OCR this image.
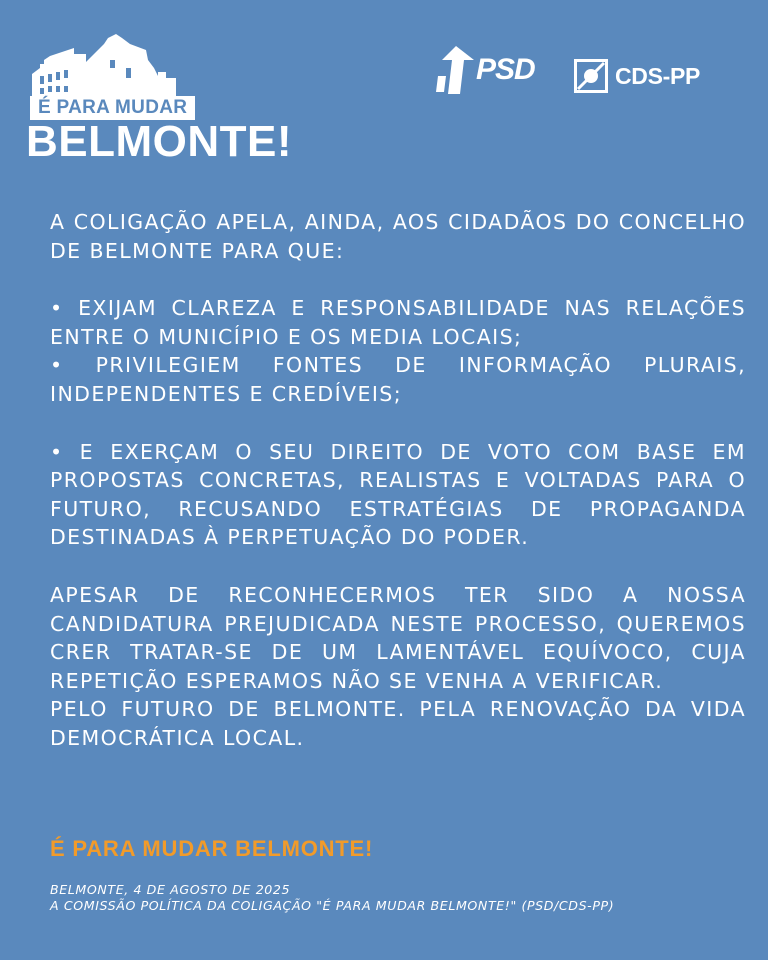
É PARA MUDAR
BELMONTE!
PSD	CDS-PP

A COLIGAÇÃO APELA, AINDA, AOS CIDADÃOS DO CONCELHO DE BELMONTE PARA QUE:

• EXIJAM CLAREZA E RESPONSABILIDADE NAS RELAÇÕES ENTRE O MUNICÍPIO E OS MEDIA LOCAIS;

• PRIVILEGIEM FONTES DE INFORMAÇÃO PLURAIS, INDEPENDENTES E CREDÍVEIS;

• E EXERÇAM O SEU DIREITO DE VOTO COM BASE EM PROPOSTAS CONCRETAS, REALISTAS E VOLTADAS PARA O FUTURO, RECUSANDO ESTRATÉGIAS DE PROPAGANDA DESTINADAS À PERPETUAÇÃO DO PODER.

APESAR DE RECONHECERMOS TER SIDO A NOSSA CANDIDATURA PREJUDICADA NESTE PROCESSO, QUEREMOS CRER TRATAR-SE DE UM LAMENTÁVEL EQUÍVOCO, CUJA REPETIÇÃO ESPERAMOS NÃO SE VENHA A VERIFICAR.

PELO FUTURO DE BELMONTE. PELA RENOVAÇÃO DA VIDA DEMOCRÁTICA LOCAL.

É PARA MUDAR BELMONTE!
BELMONTE, 4 DE AGOSTO DE 2025
A COMISSÃO POLÍTICA DA COLIGAÇÃO "É PARA MUDAR BELMONTE!" (PSD/CDS-PP)
